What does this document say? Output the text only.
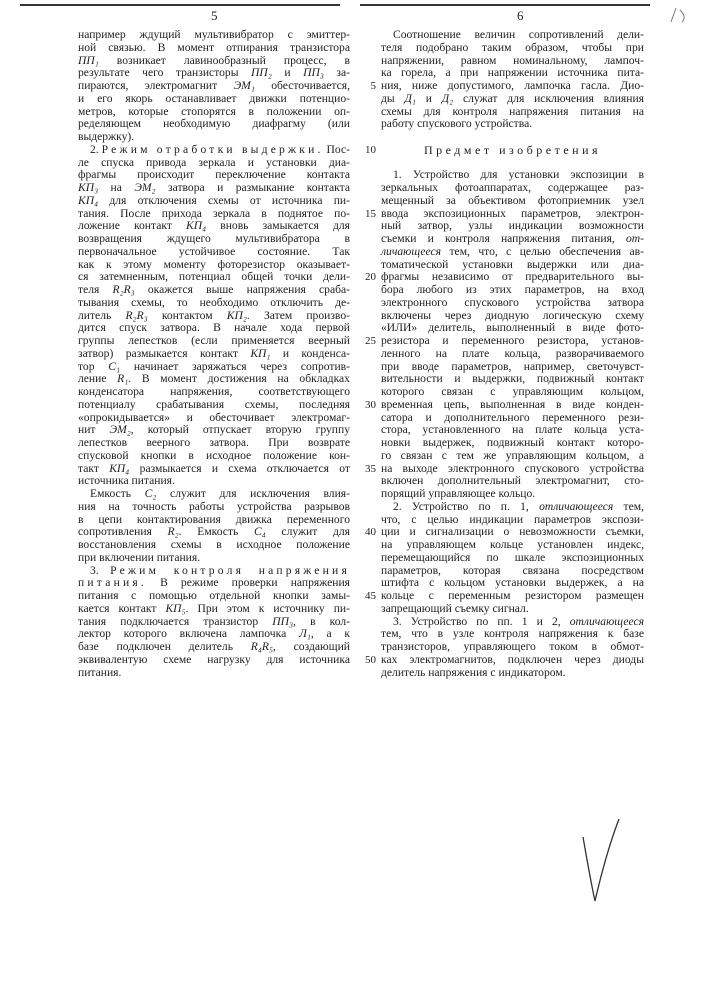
5	6
5
10
15
20
25
30
35
40
45
50
например ждущий мультивибратор с эмиттер-
ной связью. В момент отпирания транзистора
ПП₁ возникает лавинообразный процесс, в
результате чего транзисторы ПП₂ и ПП₃ за-
пираются, электромагнит ЭМ₁ обесточивается,
и его якорь останавливает движки потенцио-
метров, которые стопорятся в положении оп-
ределяющем необходимую диафрагму (или
выдержку).
2. Режим отработки выдержки. Пос-
ле спуска привода зеркала и установки диа-
фрагмы происходит переключение контакта
КП₃ на ЭМ₂ затвора и размыкание контакта
КП₄ для отключения схемы от источника пи-
тания. После прихода зеркала в поднятое по-
ложение контакт КП₄ вновь замыкается для
возвращения ждущего мультивибратора в
первоначальное устойчивое состояние. Так
как к этому моменту фоторезистор оказывает-
ся затемненным, потенциал общей точки дели-
теля R₂R₃ окажется выше напряжения сраба-
тывания схемы, то необходимо отключить де-
литель R₂R₃ контактом КП₂. Затем произво-
дится спуск затвора. В начале хода первой
группы лепестков (если применяется веерный
затвор) размыкается контакт КП₁ и конденса-
тор C₁ начинает заряжаться через сопротив-
ление R₁. В момент достижения на обкладках
конденсатора напряжения, соответствующего
потенциалу срабатывания схемы, последняя
«опрокидывается» и обесточивает электромаг-
нит ЭМ₂, который отпускает вторую группу
лепестков веерного затвора. При возврате
спусковой кнопки в исходное положение кон-
такт КП₄ размыкается и схема отключается от
источника питания.
Емкость C₂ служит для исключения влия-
ния на точность работы устройства разрывов
в цепи контактирования движка переменного
сопротивления R₂. Емкость C₄ служит для
восстановления схемы в исходное положение
при включении питания.
3. Режим контроля напряжения
питания. В режиме проверки напряжения
питания с помощью отдельной кнопки замы-
кается контакт КП₅. При этом к источнику пи-
тания подключается транзистор ПП₃, в кол-
лектор которого включена лампочка Л₁, а к
базе подключен делитель R₄R₅, создающий
эквивалентую схеме нагрузку для источника
питания.
Соотношение величин сопротивлений дели-
теля подобрано таким образом, чтобы при
напряжении, равном номинальному, лампоч-
ка горела, а при напряжении источника пита-
ния, ниже допустимого, лампочка гасла. Дио-
ды Д₁ и Д₂ служат для исключения влияния
схемы для контроля напряжения питания на
работу спускового устройства.
Предмет изобретения
1. Устройство для установки экспозиции в
зеркальных фотоаппаратах, содержащее раз-
мещенный за объективом фотоприемник узел
ввода экспозиционных параметров, электрон-
ный затвор, узлы индикации возможности
съемки и контроля напряжения питания, от-
личающееся тем, что, с целью обеспечения ав-
томатической установки выдержки или диа-
фрагмы независимо от предварительного вы-
бора любого из этих параметров, на вход
электронного спускового устройства затвора
включены через диодную логическую схему
«ИЛИ» делитель, выполненный в виде фото-
резистора и переменного резистора, установ-
ленного на плате кольца, разворачиваемого
при вводе параметров, например, светочувст-
вительности и выдержки, подвижный контакт
которого связан с управляющим кольцом,
временная цепь, выполненная в виде конден-
сатора и дополнительного переменного рези-
стора, установленного на плате кольца уста-
новки выдержек, подвижный контакт которо-
го связан с тем же управляющим кольцом, а
на выходе электронного спускового устройства
включен дополнительный электромагнит, сто-
порящий управляющее кольцо.
2. Устройство по п. 1, отличающееся тем,
что, с целью индикации параметров экспози-
ции и сигнализации о невозможности съемки,
на управляющем кольце установлен индекс,
перемещающийся по шкале экспозиционных
параметров, которая связана посредством
штифта с кольцом установки выдержек, а на
кольце с переменным резистором размещен
запрещающий съемку сигнал.
3. Устройство по пп. 1 и 2, отличающееся
тем, что в узле контроля напряжения к базе
транзисторов, управляющего током в обмот-
ках электромагнитов, подключен через диоды
делитель напряжения с индикатором.
